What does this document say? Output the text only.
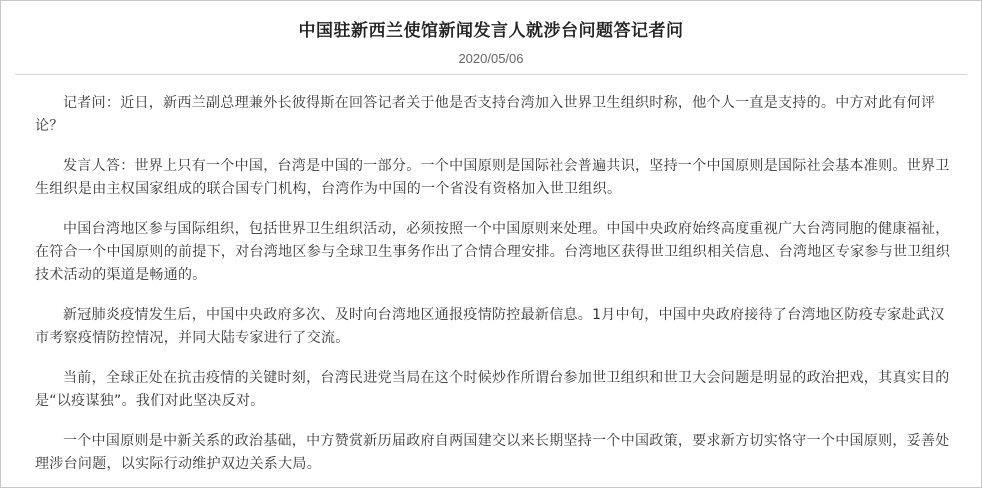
中国驻新西兰使馆新闻发言人就涉台问题答记者问
2020/05/06

记者问：近日，新西兰副总理兼外长彼得斯在回答记者关于他是否支持台湾加入世界卫生组织时称，他个人一直是支持的。中方对此有何评论？

发言人答：世界上只有一个中国，台湾是中国的一部分。一个中国原则是国际社会普遍共识，坚持一个中国原则是国际社会基本准则。世界卫生组织是由主权国家组成的联合国专门机构，台湾作为中国的一个省没有资格加入世卫组织。

中国台湾地区参与国际组织，包括世界卫生组织活动，必须按照一个中国原则来处理。中国中央政府始终高度重视广大台湾同胞的健康福祉，在符合一个中国原则的前提下，对台湾地区参与全球卫生事务作出了合情合理安排。台湾地区获得世卫组织相关信息、台湾地区专家参与世卫组织技术活动的渠道是畅通的。

新冠肺炎疫情发生后，中国中央政府多次、及时向台湾地区通报疫情防控最新信息。1月中旬，中国中央政府接待了台湾地区防疫专家赴武汉市考察疫情防控情况，并同大陆专家进行了交流。

当前，全球正处在抗击疫情的关键时刻，台湾民进党当局在这个时候炒作所谓台参加世卫组织和世卫大会问题是明显的政治把戏，其真实目的是“以疫谋独”。我们对此坚决反对。

一个中国原则是中新关系的政治基础，中方赞赏新历届政府自两国建交以来长期坚持一个中国政策，要求新方切实恪守一个中国原则，妥善处理涉台问题，以实际行动维护双边关系大局。
